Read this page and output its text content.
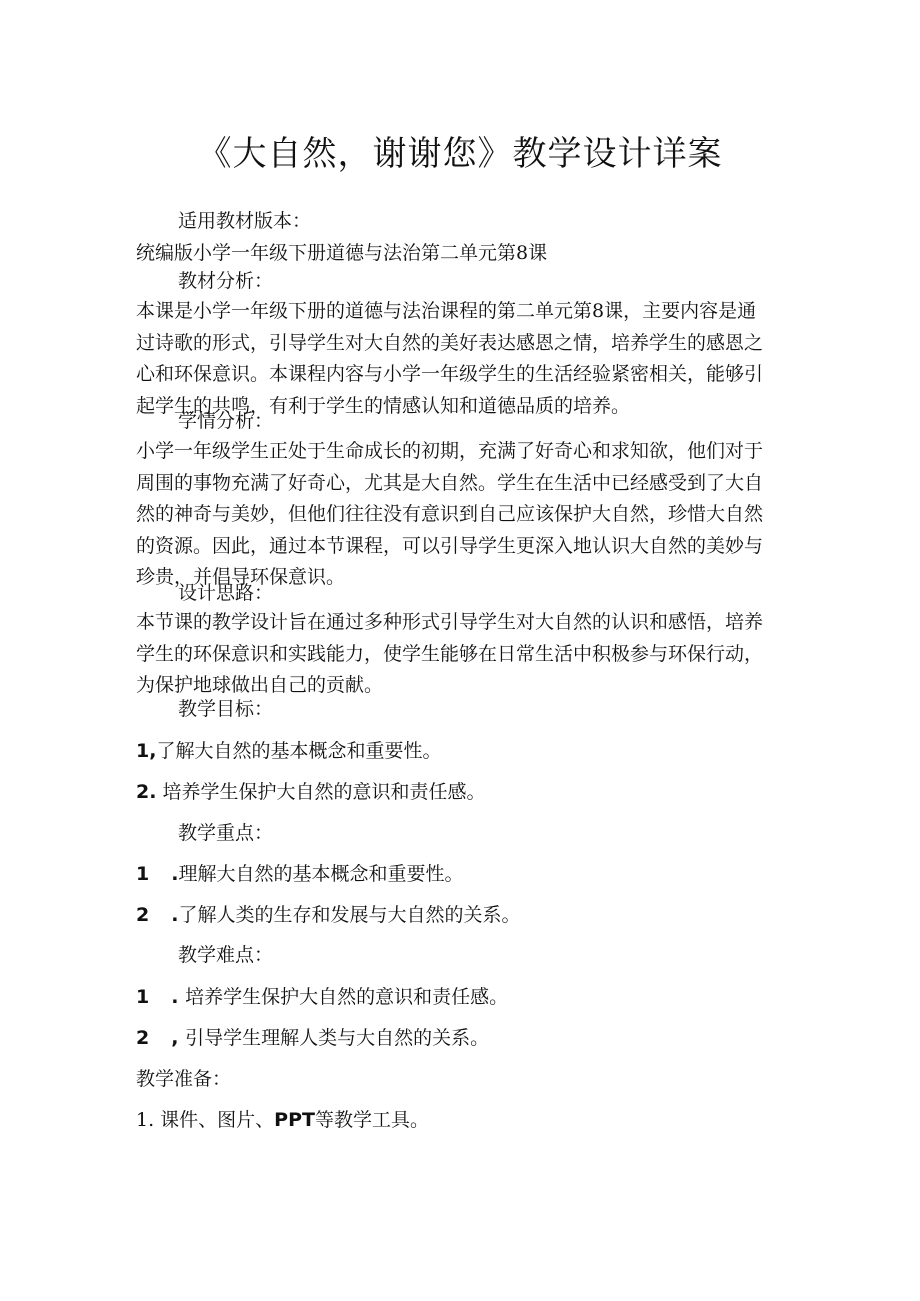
《大自然，谢谢您》教学设计详案

适用教材版本：

统编版小学一年级下册道德与法治第二单元第8课

教材分析：

本课是小学一年级下册的道德与法治课程的第二单元第8课，主要内容是通
过诗歌的形式，引导学生对大自然的美好表达感恩之情，培养学生的感恩之
心和环保意识。本课程内容与小学一年级学生的生活经验紧密相关，能够引
起学生的共鸣，有利于学生的情感认知和道德品质的培养。

学情分析：

小学一年级学生正处于生命成长的初期，充满了好奇心和求知欲，他们对于
周围的事物充满了好奇心，尤其是大自然。学生在生活中已经感受到了大自
然的神奇与美妙，但他们往往没有意识到自己应该保护大自然，珍惜大自然
的资源。因此，通过本节课程，可以引导学生更深入地认识大自然的美妙与
珍贵，并倡导环保意识。

设计思路：

本节课的教学设计旨在通过多种形式引导学生对大自然的认识和感悟，培养
学生的环保意识和实践能力，使学生能够在日常生活中积极参与环保行动，
为保护地球做出自己的贡献。

教学目标：

1,了解大自然的基本概念和重要性。

2. 培养学生保护大自然的意识和责任感。

教学重点：

1 .理解大自然的基本概念和重要性。

2 .了解人类的生存和发展与大自然的关系。

教学难点：

1 . 培养学生保护大自然的意识和责任感。

2 , 引导学生理解人类与大自然的关系。

教学准备：

1. 课件、图片、PPT等教学工具。
